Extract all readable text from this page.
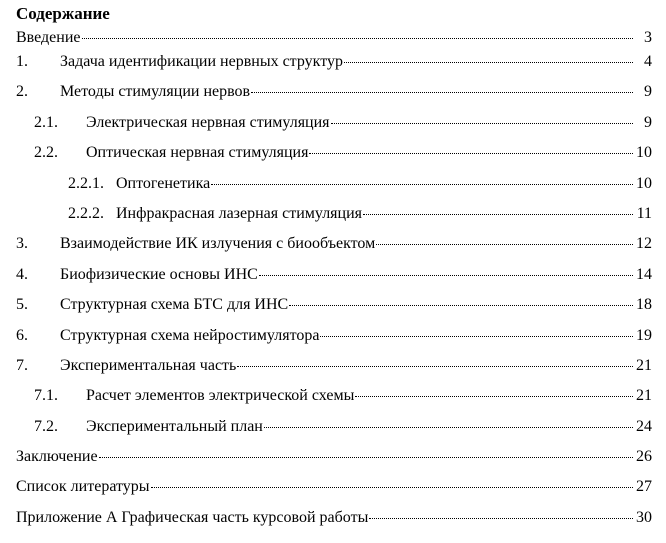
Содержание
Введение	3
1.	Задача идентификации нервных структур	4
2.	Методы стимуляции нервов	9
2.1.	Электрическая нервная стимуляция	9
2.2.	Оптическая нервная стимуляция	10
2.2.1. Оптогенетика	10
2.2.2. Инфракрасная лазерная стимуляция	11
3.	Взаимодействие ИК излучения с биообъектом	12
4.	Биофизические основы ИНС	14
5.	Структурная схема БТС для ИНС	18
6.	Структурная схема нейростимулятора	19
7.	Экспериментальная часть	21
7.1.	Расчет элементов электрической схемы	21
7.2.	Экспериментальный план	24
Заключение	26
Список литературы	27
Приложение А Графическая часть курсовой работы	30
